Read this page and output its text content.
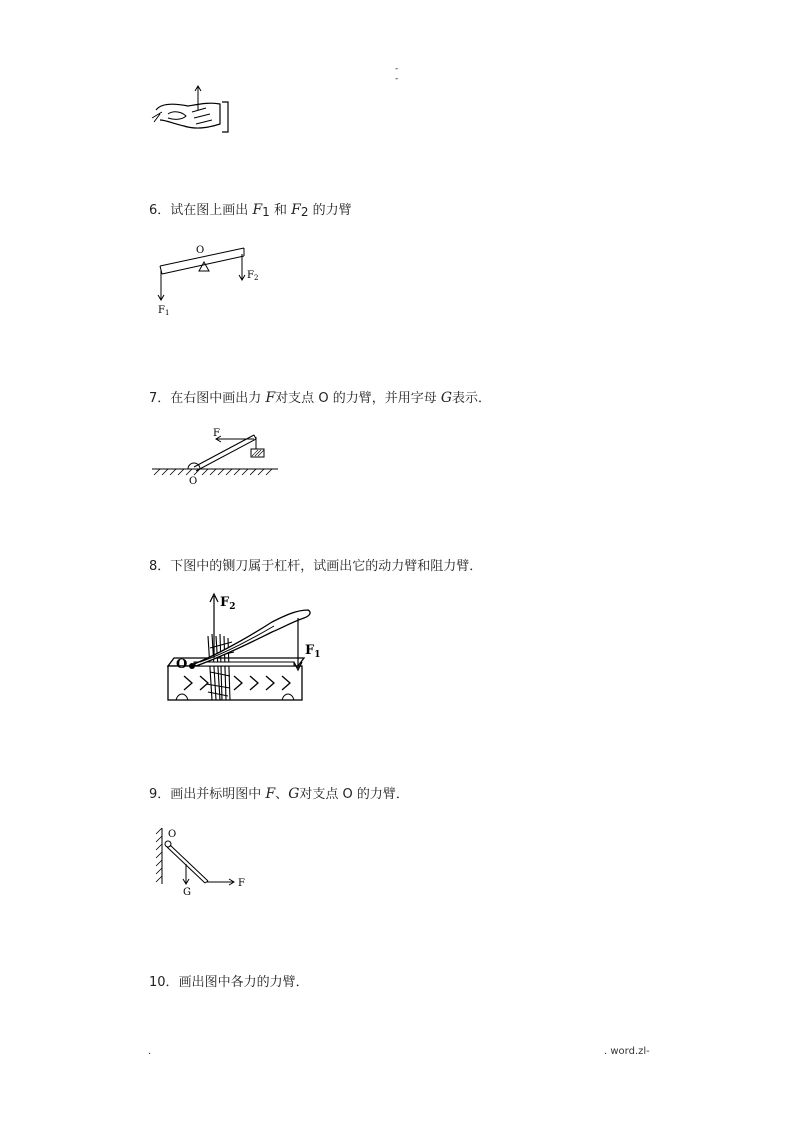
-
-
6．试在图上画出 $F_1$ 和 $F_2$ 的力臂
O
$F_1$
$F_2$
7．在右图中画出力 F对支点 O 的力臂，并用字母 G表示．
F
O
8．下图中的铡刀属于杠杆，试画出它的动力臂和阻力臂．
O
$F_2$
$F_1$
9．画出并标明图中 F、G对支点 O 的力臂．
O
G
F
10．画出图中各力的力臂．
.	. word.zl-
